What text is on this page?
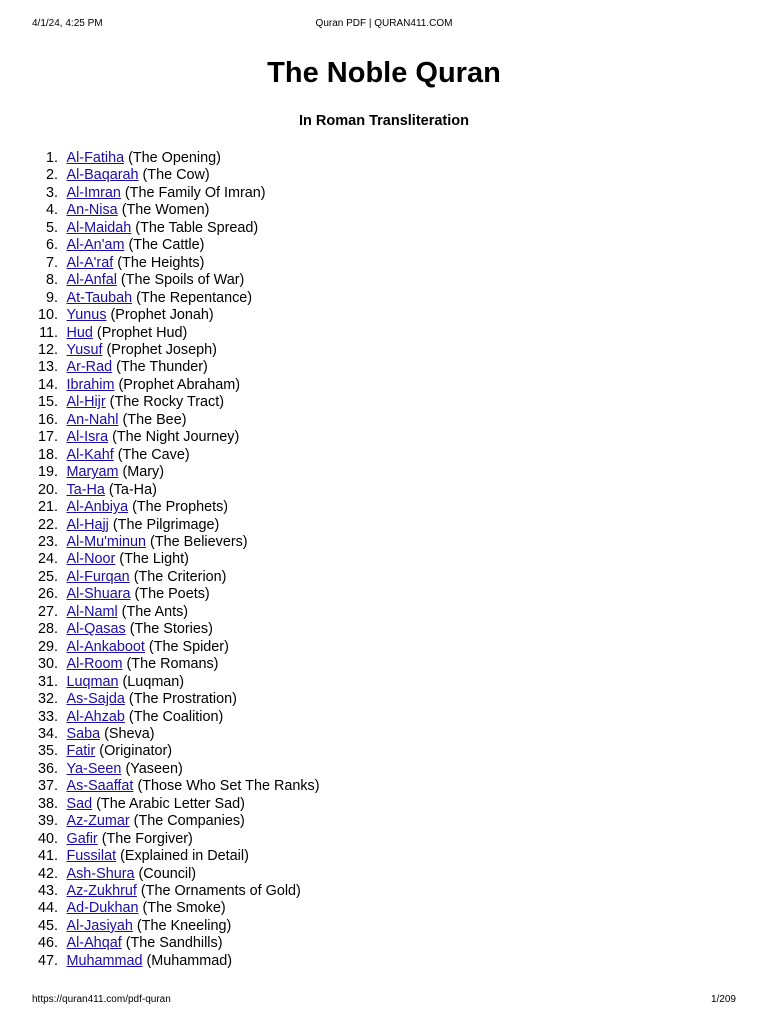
4/1/24, 4:25 PM	Quran PDF | QURAN411.COM
The Noble Quran
In Roman Transliteration
1. Al-Fatiha (The Opening)
2. Al-Baqarah (The Cow)
3. Al-Imran (The Family Of Imran)
4. An-Nisa (The Women)
5. Al-Maidah (The Table Spread)
6. Al-An'am (The Cattle)
7. Al-A'raf (The Heights)
8. Al-Anfal (The Spoils of War)
9. At-Taubah (The Repentance)
10. Yunus (Prophet Jonah)
11. Hud (Prophet Hud)
12. Yusuf (Prophet Joseph)
13. Ar-Rad (The Thunder)
14. Ibrahim (Prophet Abraham)
15. Al-Hijr (The Rocky Tract)
16. An-Nahl (The Bee)
17. Al-Isra (The Night Journey)
18. Al-Kahf (The Cave)
19. Maryam (Mary)
20. Ta-Ha (Ta-Ha)
21. Al-Anbiya (The Prophets)
22. Al-Hajj (The Pilgrimage)
23. Al-Mu'minun (The Believers)
24. Al-Noor (The Light)
25. Al-Furqan (The Criterion)
26. Al-Shuara (The Poets)
27. Al-Naml (The Ants)
28. Al-Qasas (The Stories)
29. Al-Ankaboot (The Spider)
30. Al-Room (The Romans)
31. Luqman (Luqman)
32. As-Sajda (The Prostration)
33. Al-Ahzab (The Coalition)
34. Saba (Sheva)
35. Fatir (Originator)
36. Ya-Seen (Yaseen)
37. As-Saaffat (Those Who Set The Ranks)
38. Sad (The Arabic Letter Sad)
39. Az-Zumar (The Companies)
40. Gafir (The Forgiver)
41. Fussilat (Explained in Detail)
42. Ash-Shura (Council)
43. Az-Zukhruf (The Ornaments of Gold)
44. Ad-Dukhan (The Smoke)
45. Al-Jasiyah (The Kneeling)
46. Al-Ahqaf (The Sandhills)
47. Muhammad (Muhammad)
https://quran411.com/pdf-quran	1/209
